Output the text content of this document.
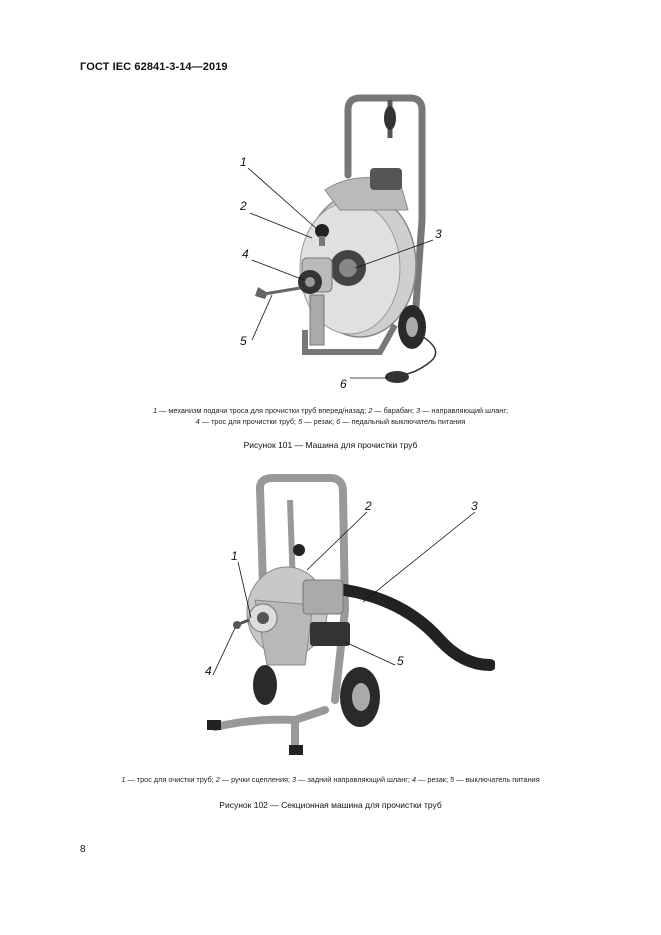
ГОСТ IEC 62841-3-14—2019
1
2
3
4
5
6
1 — механизм подачи троса для прочистки труб вперед/назад; 2 — барабан; 3 — направляющий шланг;
4 — трос для прочистки труб; 5 — резак; 6 — педальный выключатель питания
Рисунок 101 — Машина для прочистки труб
1
2	3
4
5
1 — трос для очистки труб; 2 — ручки сцепления; 3 — задний направляющий шланг; 4 — резак; 5 — выключатель питания
Рисунок 102 — Секционная машина для прочистки труб
8
